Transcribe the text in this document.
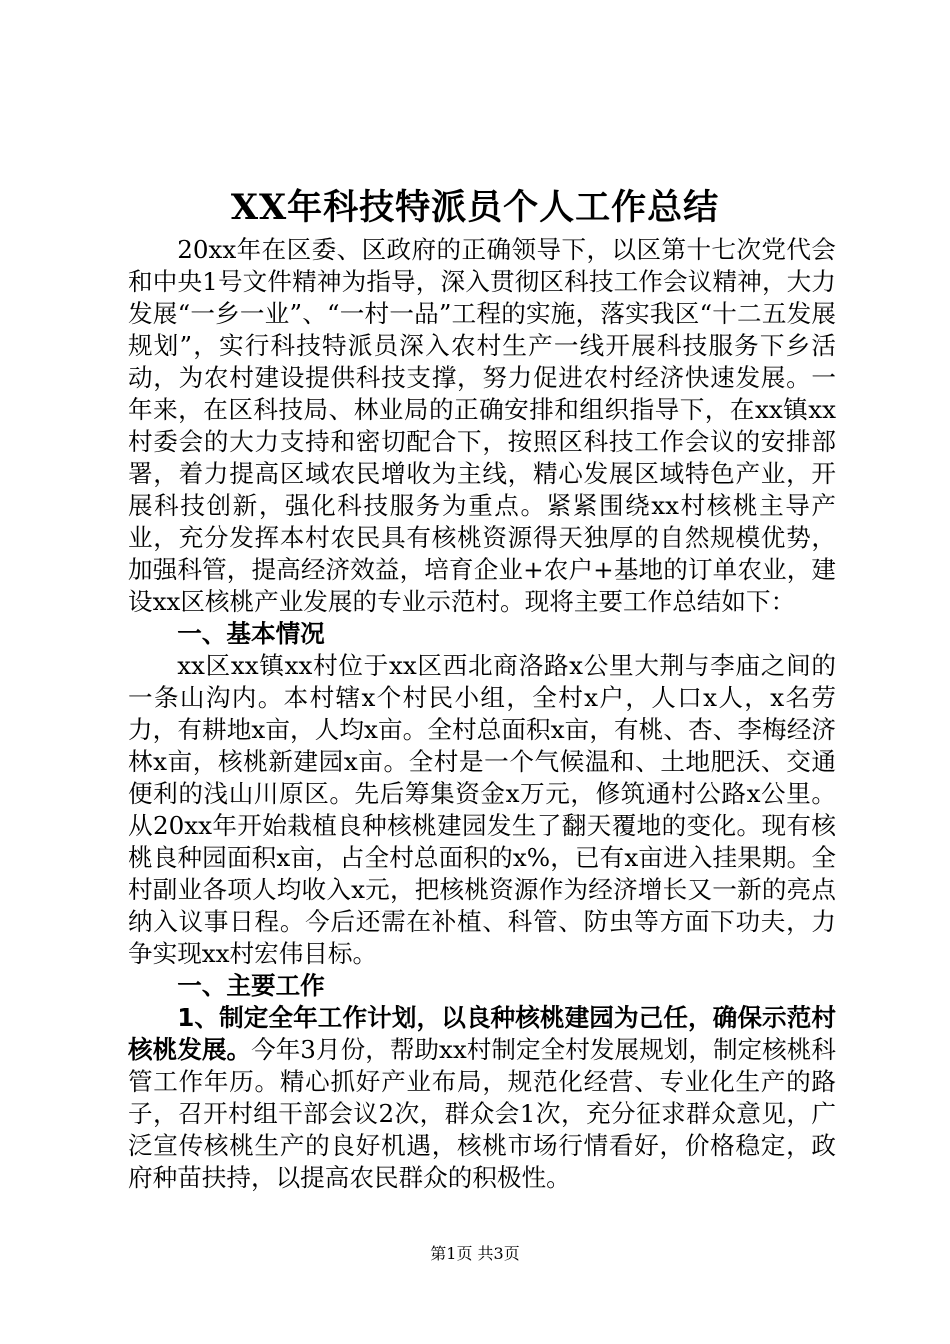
XX年科技特派员个人工作总结

20xx年在区委、区政府的正确领导下，以区第十七次党代会和中央1号文件精神为指导，深入贯彻区科技工作会议精神，大力发展“一乡一业”、“一村一品”工程的实施，落实我区“十二五发展规划”，实行科技特派员深入农村生产一线开展科技服务下乡活动，为农村建设提供科技支撑，努力促进农村经济快速发展。一年来，在区科技局、林业局的正确安排和组织指导下，在xx镇xx村委会的大力支持和密切配合下，按照区科技工作会议的安排部署，着力提高区域农民增收为主线，精心发展区域特色产业，开展科技创新，强化科技服务为重点。紧紧围绕xx村核桃主导产业，充分发挥本村农民具有核桃资源得天独厚的自然规模优势，加强科管，提高经济效益，培育企业+农户+基地的订单农业，建设xx区核桃产业发展的专业示范村。现将主要工作总结如下：

一、基本情况

xx区xx镇xx村位于xx区西北商洛路x公里大荆与李庙之间的一条山沟内。本村辖x个村民小组，全村x户，人口x人，x名劳力，有耕地x亩，人均x亩。全村总面积x亩，有桃、杏、李梅经济林x亩，核桃新建园x亩。全村是一个气候温和、土地肥沃、交通便利的浅山川原区。先后筹集资金x万元，修筑通村公路x公里。从20xx年开始栽植良种核桃建园发生了翻天覆地的变化。现有核桃良种园面积x亩，占全村总面积的x%，已有x亩进入挂果期。全村副业各项人均收入x元，把核桃资源作为经济增长又一新的亮点纳入议事日程。今后还需在补植、科管、防虫等方面下功夫，力争实现xx村宏伟目标。

一、主要工作

1、制定全年工作计划，以良种核桃建园为己任，确保示范村核桃发展。今年3月份，帮助xx村制定全村发展规划，制定核桃科管工作年历。精心抓好产业布局，规范化经营、专业化生产的路子，召开村组干部会议2次，群众会1次，充分征求群众意见，广泛宣传核桃生产的良好机遇，核桃市场行情看好，价格稳定，政府种苗扶持，以提高农民群众的积极性。

第1页 共3页
